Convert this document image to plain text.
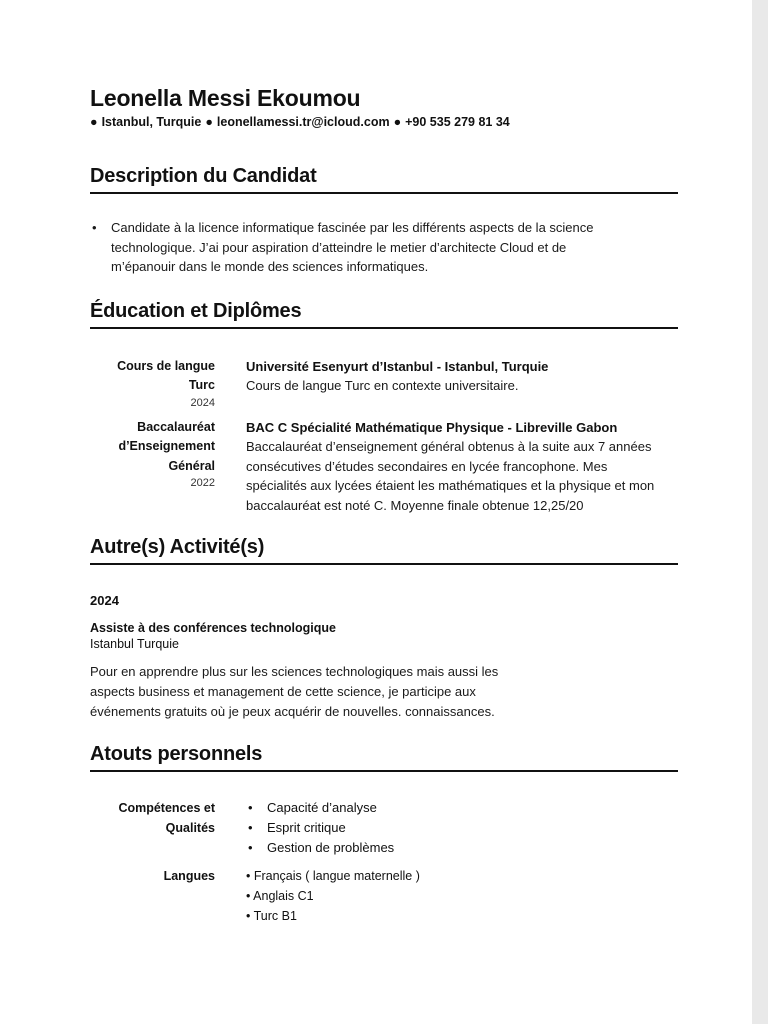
Leonella Messi Ekoumou
● Istanbul, Turquie ● leonellamessi.tr@icloud.com ● +90 535 279 81 34
Description du Candidat
• Candidate à la licence informatique fascinée par les différents aspects de la science
technologique. J’ai pour aspiration d’atteindre le metier d’architecte Cloud et de
m’épanouir dans le monde des sciences informatiques.
Éducation et Diplômes
Cours de langue
Turc
2024
Université Esenyurt d’Istanbul - Istanbul, Turquie
Cours de langue Turc en contexte universitaire.
Baccalauréat
d’Enseignement
Général
2022
BAC C Spécialité Mathématique Physique - Libreville Gabon
Baccalauréat d’enseignement général obtenus à la suite aux 7 années
consécutives d’études secondaires en lycée francophone. Mes
spécialités aux lycées étaient les mathématiques et la physique et mon
baccalauréat est noté C. Moyenne finale obtenue 12,25/20
Autre(s) Activité(s)
2024
Assiste à des conférences technologique
Istanbul Turquie
Pour en apprendre plus sur les sciences technologiques mais aussi les
aspects business et management de cette science, je participe aux
événements gratuits où je peux acquérir de nouvelles. connaissances.
Atouts personnels
Compétences et
Qualités
• Capacité d’analyse
• Esprit critique
• Gestion de problèmes
Langues • Français ( langue maternelle )
• Anglais C1
• Turc B1
